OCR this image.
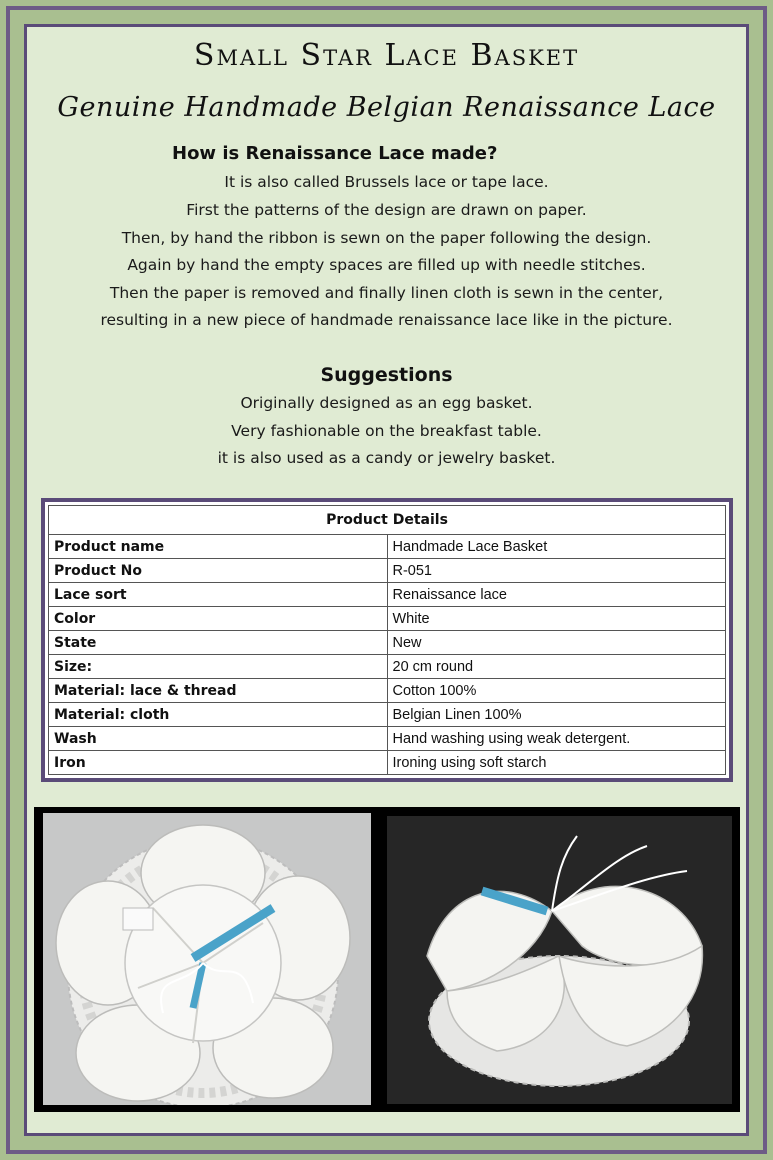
Small Star Lace Basket
Genuine Handmade Belgian Renaissance Lace
How is Renaissance Lace made?
It is also called Brussels lace or tape lace.
First the patterns of the design are drawn on paper.
Then, by hand the ribbon is sewn on the paper following the design.
Again by hand the empty spaces are filled up with needle stitches.
Then the paper is removed and finally linen cloth is sewn in the center,
resulting in a new piece of handmade renaissance lace like in the picture.
Suggestions
Originally designed as an egg basket.
Very fashionable on the breakfast table.
it is also used as a candy or jewelry basket.
Product Details	
Product name	Handmade Lace Basket
Product No	R-051
Lace sort	Renaissance lace
Color	White
State	New
Size:	20 cm round
Material: lace & thread	Cotton 100%
Material: cloth	Belgian Linen 100%
Wash	Hand washing using weak detergent.
Iron	Ironing using soft starch
